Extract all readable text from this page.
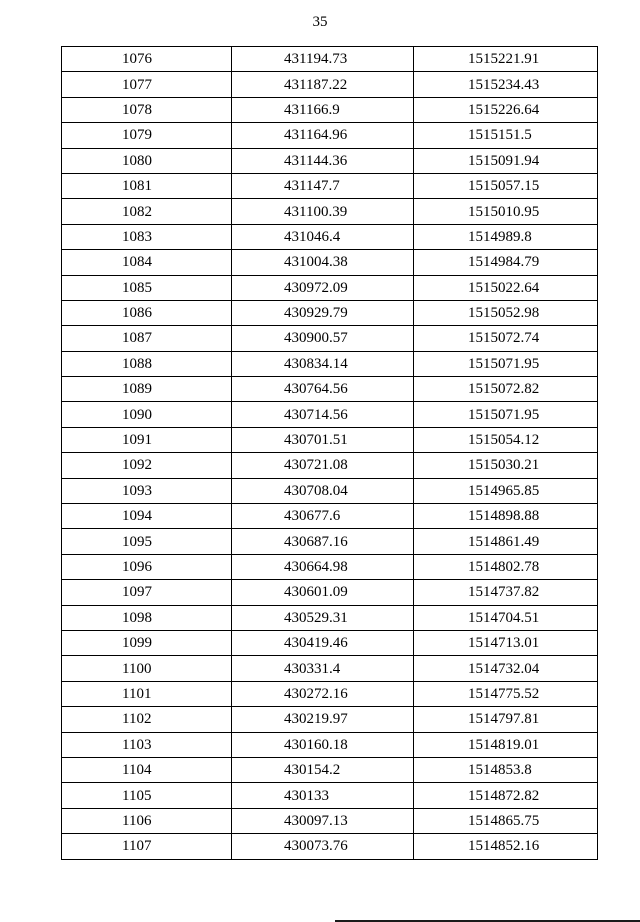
35
1076	431194.73	1515221.91
1077	431187.22	1515234.43
1078	431166.9	1515226.64
1079	431164.96	1515151.5
1080	431144.36	1515091.94
1081	431147.7	1515057.15
1082	431100.39	1515010.95
1083	431046.4	1514989.8
1084	431004.38	1514984.79
1085	430972.09	1515022.64
1086	430929.79	1515052.98
1087	430900.57	1515072.74
1088	430834.14	1515071.95
1089	430764.56	1515072.82
1090	430714.56	1515071.95
1091	430701.51	1515054.12
1092	430721.08	1515030.21
1093	430708.04	1514965.85
1094	430677.6	1514898.88
1095	430687.16	1514861.49
1096	430664.98	1514802.78
1097	430601.09	1514737.82
1098	430529.31	1514704.51
1099	430419.46	1514713.01
1100	430331.4	1514732.04
1101	430272.16	1514775.52
1102	430219.97	1514797.81
1103	430160.18	1514819.01
1104	430154.2	1514853.8
1105	430133	1514872.82
1106	430097.13	1514865.75
1107	430073.76	1514852.16
